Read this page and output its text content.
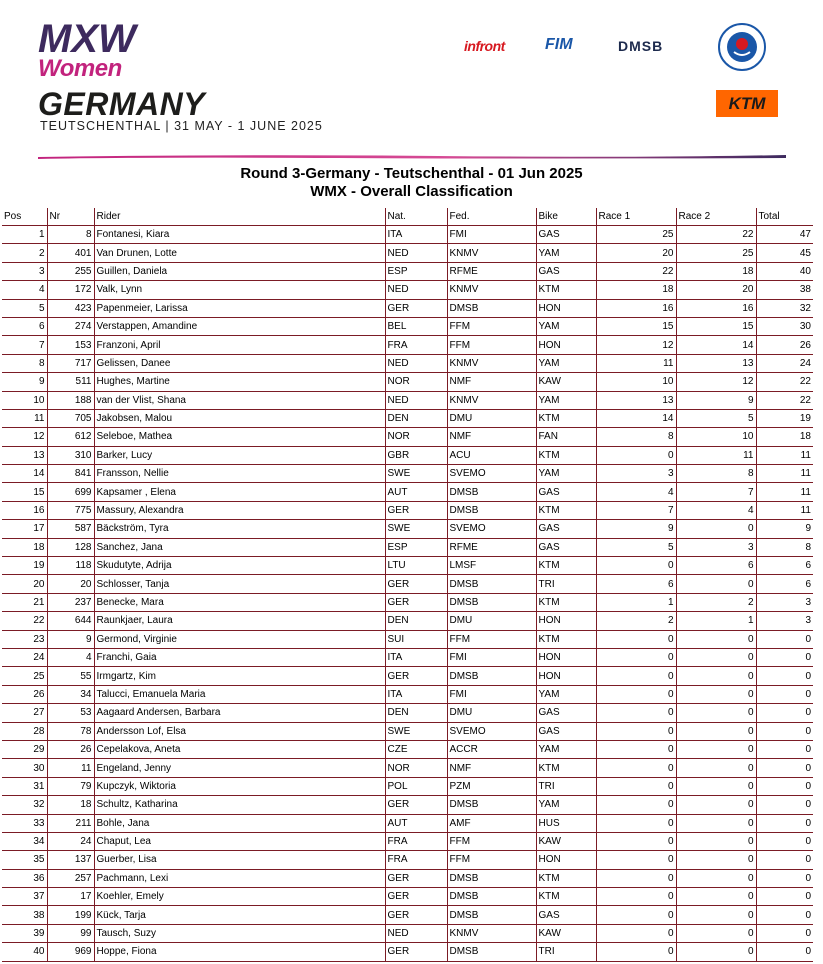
MXW
Women
GERMANY
TEUTSCHENTHAL | 31 MAY - 1 JUNE 2025
infront	FIM	DMSB
KTM
Round 3-Germany - Teutschenthal - 01 Jun 2025
WMX - Overall Classification
Pos	Nr	Rider	Nat.	Fed.	Bike	Race 1	Race 2	Total
1	8	Fontanesi, Kiara	ITA	FMI	GAS	25	22	47
2	401	Van Drunen, Lotte	NED	KNMV	YAM	20	25	45
3	255	Guillen, Daniela	ESP	RFME	GAS	22	18	40
4	172	Valk, Lynn	NED	KNMV	KTM	18	20	38
5	423	Papenmeier, Larissa	GER	DMSB	HON	16	16	32
6	274	Verstappen, Amandine	BEL	FFM	YAM	15	15	30
7	153	Franzoni, April	FRA	FFM	HON	12	14	26
8	717	Gelissen, Danee	NED	KNMV	YAM	11	13	24
9	511	Hughes, Martine	NOR	NMF	KAW	10	12	22
10	188	van der Vlist, Shana	NED	KNMV	YAM	13	9	22
11	705	Jakobsen, Malou	DEN	DMU	KTM	14	5	19
12	612	Seleboe, Mathea	NOR	NMF	FAN	8	10	18
13	310	Barker, Lucy	GBR	ACU	KTM	0	11	11
14	841	Fransson, Nellie	SWE	SVEMO	YAM	3	8	11
15	699	Kapsamer , Elena	AUT	DMSB	GAS	4	7	11
16	775	Massury, Alexandra	GER	DMSB	KTM	7	4	11
17	587	Bäckström, Tyra	SWE	SVEMO	GAS	9	0	9
18	128	Sanchez, Jana	ESP	RFME	GAS	5	3	8
19	118	Skudutyte, Adrija	LTU	LMSF	KTM	0	6	6
20	20	Schlosser, Tanja	GER	DMSB	TRI	6	0	6
21	237	Benecke, Mara	GER	DMSB	KTM	1	2	3
22	644	Raunkjaer, Laura	DEN	DMU	HON	2	1	3
23	9	Germond, Virginie	SUI	FFM	KTM	0	0	0
24	4	Franchi, Gaia	ITA	FMI	HON	0	0	0
25	55	Irmgartz, Kim	GER	DMSB	HON	0	0	0
26	34	Talucci, Emanuela Maria	ITA	FMI	YAM	0	0	0
27	53	Aagaard Andersen, Barbara	DEN	DMU	GAS	0	0	0
28	78	Andersson Lof, Elsa	SWE	SVEMO	GAS	0	0	0
29	26	Cepelakova, Aneta	CZE	ACCR	YAM	0	0	0
30	11	Engeland, Jenny	NOR	NMF	KTM	0	0	0
31	79	Kupczyk, Wiktoria	POL	PZM	TRI	0	0	0
32	18	Schultz, Katharina	GER	DMSB	YAM	0	0	0
33	211	Bohle, Jana	AUT	AMF	HUS	0	0	0
34	24	Chaput, Lea	FRA	FFM	KAW	0	0	0
35	137	Guerber, Lisa	FRA	FFM	HON	0	0	0
36	257	Pachmann, Lexi	GER	DMSB	KTM	0	0	0
37	17	Koehler, Emely	GER	DMSB	KTM	0	0	0
38	199	Kück, Tarja	GER	DMSB	GAS	0	0	0
39	99	Tausch, Suzy	NED	KNMV	KAW	0	0	0
40	969	Hoppe, Fiona	GER	DMSB	TRI	0	0	0
